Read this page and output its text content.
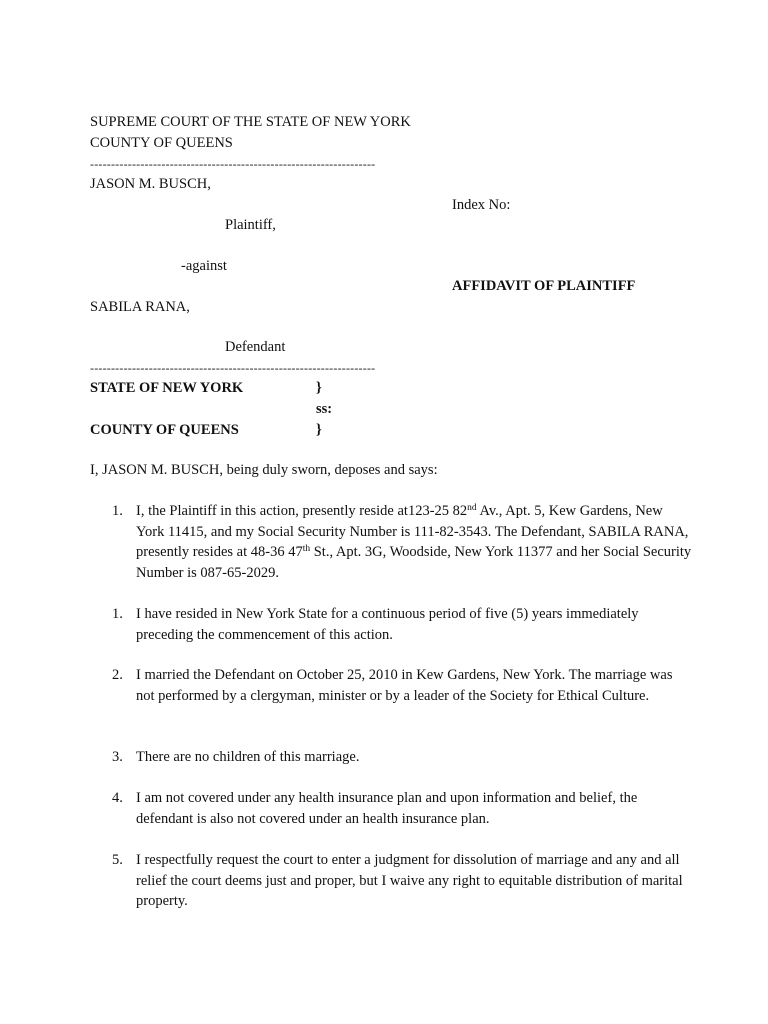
SUPREME COURT OF THE STATE OF NEW YORK
COUNTY OF QUEENS
--------------------------------------------------------------------
JASON M. BUSCH,
Index No:
Plaintiff,
-against
AFFIDAVIT OF PLAINTIFF
SABILA RANA,
Defendant
--------------------------------------------------------------------
STATE OF NEW YORK	}
ss:
COUNTY OF QUEENS	}
I, JASON M. BUSCH, being duly sworn, deposes and says:
1. I, the Plaintiff in this action, presently reside at123-25 82nd Av., Apt. 5, Kew Gardens, New York 11415, and my Social Security Number is 111-82-3543. The Defendant, SABILA RANA, presently resides at 48-36 47th St., Apt. 3G, Woodside, New York 11377 and her Social Security Number is 087-65-2029.
1. I have resided in New York State for a continuous period of five (5) years immediately preceding the commencement of this action.
2. I married the Defendant on October 25, 2010 in Kew Gardens, New York. The marriage was not performed by a clergyman, minister or by a leader of the Society for Ethical Culture.
3. There are no children of this marriage.
4. I am not covered under any health insurance plan and upon information and belief, the defendant is also not covered under an health insurance plan.
5. I respectfully request the court to enter a judgment for dissolution of marriage and any and all relief the court deems just and proper, but I waive any right to equitable distribution of marital property.
